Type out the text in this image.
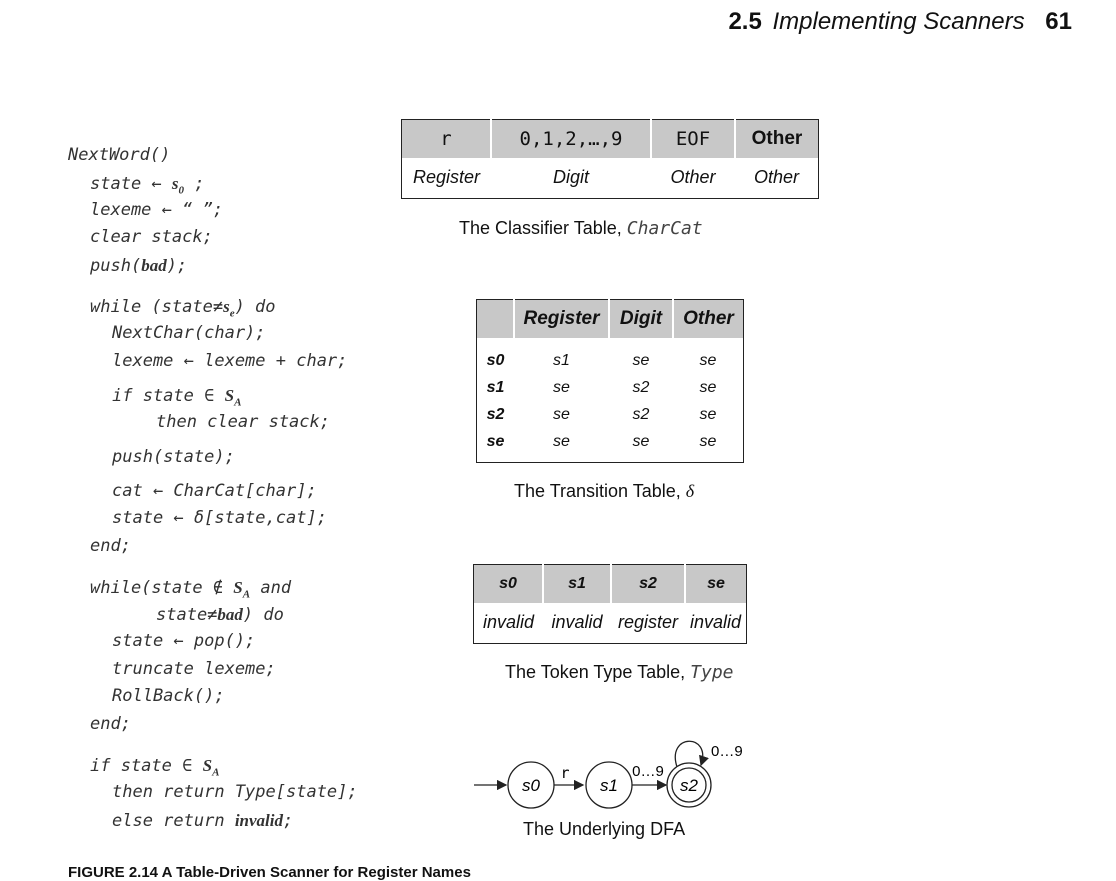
2.5 Implementing Scanners 61
NextWord()
state ← $s_0$ ;
lexeme ← “ ”;
clear stack;
push(bad);
while $(state\ne s_e)$ do
NextChar(char);
lexeme ← lexeme + char;
if state ∈ $S_A$
then clear stack;
push(state);
cat ← CharCat[char];
state ← δ[state,cat];
end;
while(state ∉ $S_A$ and
state≠bad) do
state ← pop();
truncate lexeme;
RollBack();
end;
if state ∈ $S_A$
then return Type[state];
else return invalid;
r	0,1,2,…,9	EOF	Other
Register	Digit	Other	Other
The Classifier Table, CharCat
	Register	Digit	Other

s0	s1	se	se
s1	se	s2	se
s2	se	s2	se
se	se	se	se

The Transition Table, δ
s0	s1	s2	se
invalid	invalid	register	invalid
The Token Type Table, Type
s0
r
s1
0…9
s2
0…9
The Underlying DFA
FIGURE 2.14 A Table-Driven Scanner for Register Names
